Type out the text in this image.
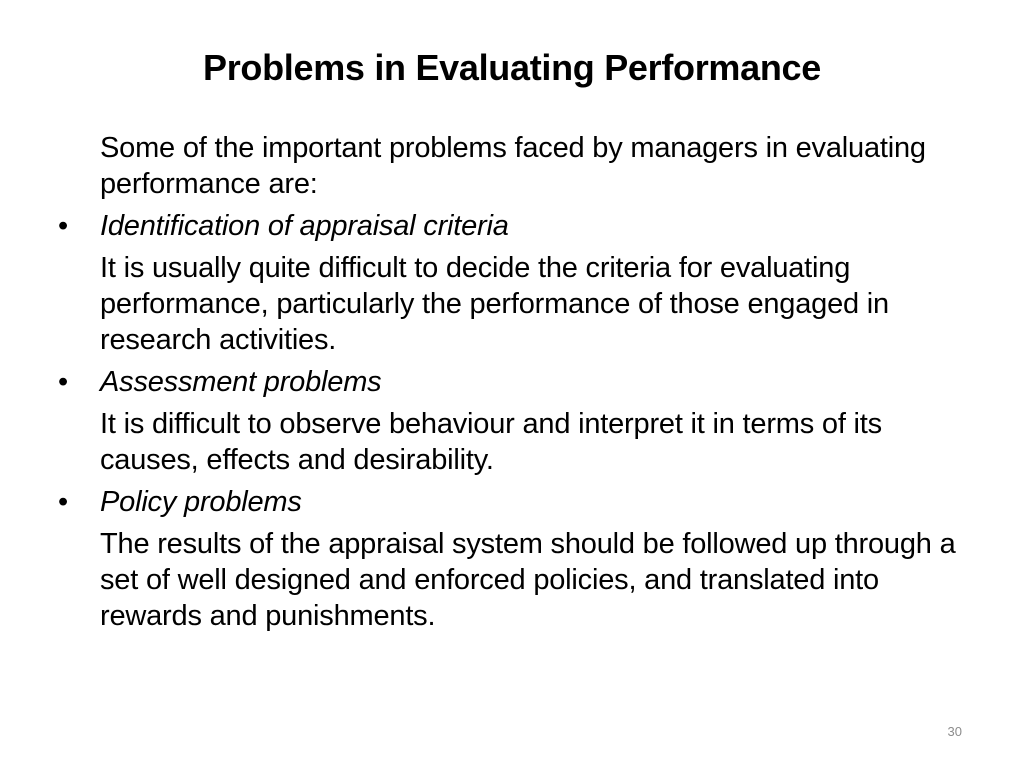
Problems in Evaluating Performance

Some of the important problems faced by managers in evaluating performance are:

•	Identification of appraisal criteria

It is usually quite difficult to decide the criteria for evaluating performance, particularly the performance of those engaged in research activities.

•	Assessment problems

It is difficult to observe behaviour and interpret it in terms of its causes, effects and desirability.

•	Policy problems

The results of the appraisal system should be followed up through a set of well designed and enforced policies, and translated into rewards and punishments.

30
